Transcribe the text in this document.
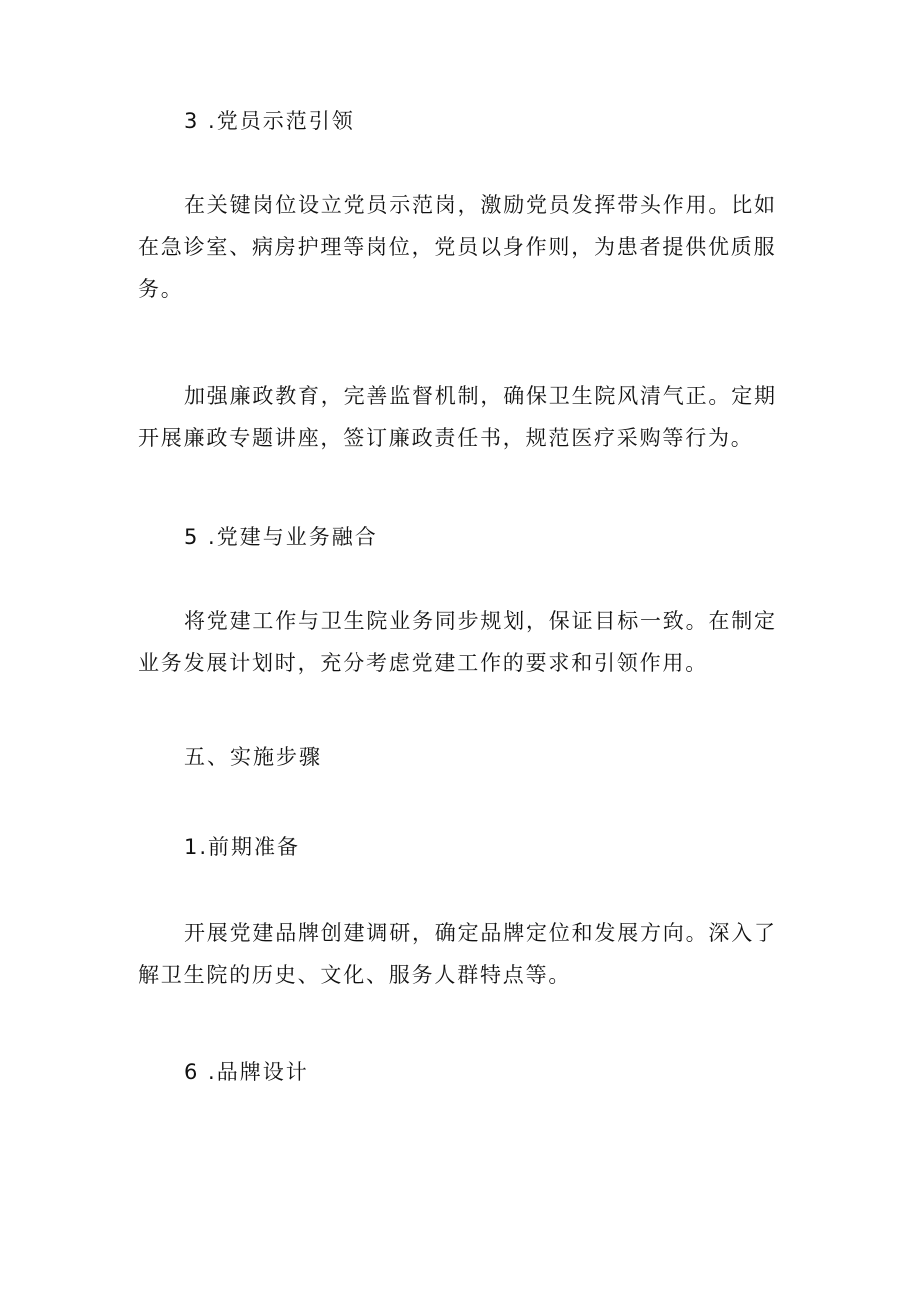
3 .党员示范引领
在关键岗位设立党员示范岗，激励党员发挥带头作用。比如
在急诊室、病房护理等岗位，党员以身作则，为患者提供优质服
务。
加强廉政教育，完善监督机制，确保卫生院风清气正。定期
开展廉政专题讲座，签订廉政责任书，规范医疗采购等行为。
5 .党建与业务融合
将党建工作与卫生院业务同步规划，保证目标一致。在制定
业务发展计划时，充分考虑党建工作的要求和引领作用。
五、实施步骤
1.前期准备
开展党建品牌创建调研，确定品牌定位和发展方向。深入了
解卫生院的历史、文化、服务人群特点等。
6 .品牌设计
